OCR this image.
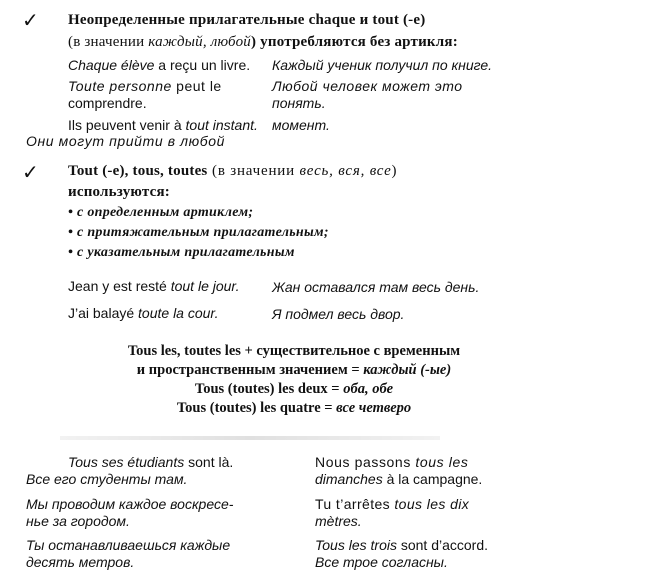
✓ Неопределенные прилагательные chaque и tout (-е)
(в значении каждый, любой) употребляются без артикля:
Chaque élève a reçu un livre. Каждый ученик получил по книге.
Toute personne peut le
comprendre.
Любой человек может это
понять.
Ils peuvent venir à tout instant. момент.
Они могут прийти в любой
✓ Tout (-e), tous, toutes (в значении весь, вся, все)
используются:
• с определенным артиклем;
• с притяжательным прилагательным;
• с указательным прилагательным
Jean y est resté tout le jour. Жан оставался там весь день.
J’ai balayé toute la cour.	Я подмел весь двор.
Tous les, toutes les + существительное с временным
и пространственным значением = каждый (-ые)
Tous (toutes) les deux = оба, обе
Tous (toutes) les quatre = все четверо
Tous ses étudiants sont là.
Все его студенты там.
Мы проводим каждое воскресе-
нье за городом.
Ты останавливаешься каждые
десять метров.
Nous passons tous les
dimanches à la campagne.
Tu t’arrêtes tous les dix
mètres.
Tous les trois sont d’accord.
Все трое согласны.
